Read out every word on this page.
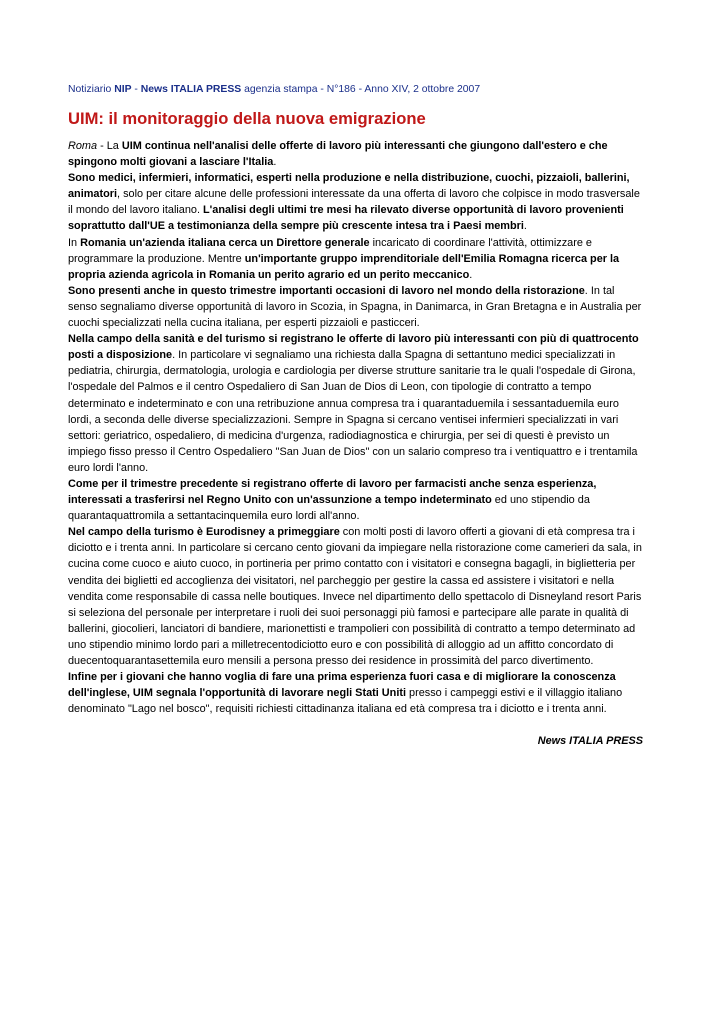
Notiziario NIP - News ITALIA PRESS agenzia stampa - N°186 - Anno XIV, 2 ottobre 2007
UIM: il monitoraggio della nuova emigrazione

Roma - La UIM continua nell'analisi delle offerte di lavoro più interessanti che giungono dall'estero e che spingono molti giovani a lasciare l'Italia.

Sono medici, infermieri, informatici, esperti nella produzione e nella distribuzione, cuochi, pizzaioli, ballerini, animatori, solo per citare alcune delle professioni interessate da una offerta di lavoro che colpisce in modo trasversale il mondo del lavoro italiano. L'analisi degli ultimi tre mesi ha rilevato diverse opportunità di lavoro provenienti soprattutto dall'UE a testimonianza della sempre più crescente intesa tra i Paesi membri.

In Romania un'azienda italiana cerca un Direttore generale incaricato di coordinare l'attività, ottimizzare e programmare la produzione. Mentre un'importante gruppo imprenditoriale dell'Emilia Romagna ricerca per la propria azienda agricola in Romania un perito agrario ed un perito meccanico.

Sono presenti anche in questo trimestre importanti occasioni di lavoro nel mondo della ristorazione. In tal senso segnaliamo diverse opportunità di lavoro in Scozia, in Spagna, in Danimarca, in Gran Bretagna e in Australia per cuochi specializzati nella cucina italiana, per esperti pizzaioli e pasticceri.

Nella campo della sanità e del turismo si registrano le offerte di lavoro più interessanti con più di quattrocento posti a disposizione. In particolare vi segnaliamo una richiesta dalla Spagna di settantuno medici specializzati in pediatria, chirurgia, dermatologia, urologia e cardiologia per diverse strutture sanitarie tra le quali l'ospedale di Girona, l'ospedale del Palmos e il centro Ospedaliero di San Juan de Dios di Leon, con tipologie di contratto a tempo determinato e indeterminato e con una retribuzione annua compresa tra i quarantaduemila i sessantaduemila euro lordi, a seconda delle diverse specializzazioni. Sempre in Spagna si cercano ventisei infermieri specializzati in vari settori: geriatrico, ospedaliero, di medicina d'urgenza, radiodiagnostica e chirurgia, per sei di questi è previsto un impiego fisso presso il Centro Ospedaliero "San Juan de Dios" con un salario compreso tra i ventiquattro e i trentamila euro lordi l'anno.

Come per il trimestre precedente si registrano offerte di lavoro per farmacisti anche senza esperienza, interessati a trasferirsi nel Regno Unito con un'assunzione a tempo indeterminato ed uno stipendio da quarantaquattromila a settantacinquemila euro lordi all'anno.

Nel campo della turismo è Eurodisney a primeggiare con molti posti di lavoro offerti a giovani di età compresa tra i diciotto e i trenta anni. In particolare si cercano cento giovani da impiegare nella ristorazione come camerieri da sala, in cucina come cuoco e aiuto cuoco, in portineria per primo contatto con i visitatori e consegna bagagli, in biglietteria per vendita dei biglietti ed accoglienza dei visitatori, nel parcheggio per gestire la cassa ed assistere i visitatori e nella vendita come responsabile di cassa nelle boutiques. Invece nel dipartimento dello spettacolo di Disneyland resort Paris si seleziona del personale per interpretare i ruoli dei suoi personaggi più famosi e partecipare alle parate in qualità di ballerini, giocolieri, lanciatori di bandiere, marionettisti e trampolieri con possibilità di contratto a tempo determinato ad uno stipendio minimo lordo pari a milletrecentodiciotto euro e con possibilità di alloggio ad un affitto concordato di duecentoquarantasettemila euro mensili a persona presso dei residence in prossimità del parco divertimento.

Infine per i giovani che hanno voglia di fare una prima esperienza fuori casa e di migliorare la conoscenza dell'inglese, UIM segnala l'opportunità di lavorare negli Stati Uniti presso i campeggi estivi e il villaggio italiano denominato "Lago nel bosco", requisiti richiesti cittadinanza italiana ed età compresa tra i diciotto e i trenta anni.

News ITALIA PRESS
